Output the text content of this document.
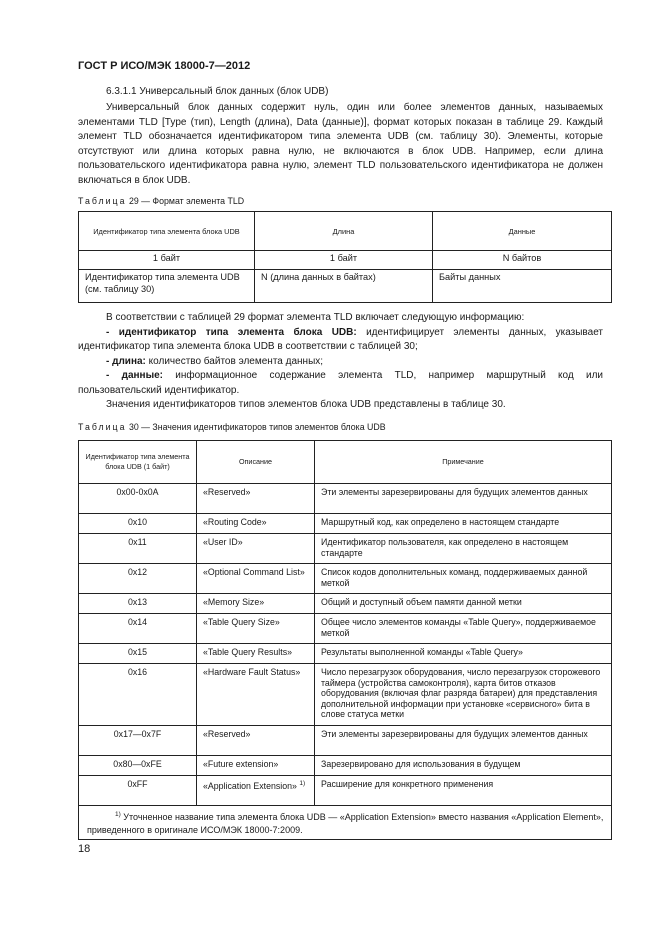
ГОСТ Р ИСО/МЭК 18000-7—2012
6.3.1.1 Универсальный блок данных (блок UDB)

Универсальный блок данных содержит нуль, один или более элементов данных, называемых элементами TLD [Type (тип), Length (длина), Data (данные)], формат которых показан в таблице 29. Каждый элемент TLD обозначается идентификатором типа элемента UDB (см. таблицу 30). Элементы, которые отсутствуют или длина которых равна нулю, не включаются в блок UDB. Например, если длина пользовательского идентификатора равна нулю, элемент TLD пользовательского идентификатора не должен включаться в блок UDB.

Таблица 29 — Формат элемента TLD
Идентификатор типа элемента блока UDB	Длина	Данные
1 байт	1 байт	N байтов
Идентификатор типа элемента UDB (см. таблицу 30)	N (длина данных в байтах)	Байты данных

В соответствии с таблицей 29 формат элемента TLD включает следующую информацию:

- идентификатор типа элемента блока UDB: идентифицирует элементы данных, указывает идентификатор типа элемента блока UDB в соответствии с таблицей 30;

- длина: количество байтов элемента данных;

- данные: информационное содержание элемента TLD, например маршрутный код или пользовательский идентификатор.

Значения идентификаторов типов элементов блока UDB представлены в таблице 30.

Таблица 30 — Значения идентификаторов типов элементов блока UDB
Идентификатор типа элемента блока UDB (1 байт)	Описание	Примечание
0x00-0x0A	«Reserved»	Эти элементы зарезервированы для будущих элементов данных
0x10	«Routing Code»	Маршрутный код, как определено в настоящем стандарте
0x11	«User ID»	Идентификатор пользователя, как определено в настоящем стандарте
0x12	«Optional Command List»	Список кодов дополнительных команд, поддерживаемых данной меткой
0x13	«Memory Size»	Общий и доступный объем памяти данной метки
0x14	«Table Query Size»	Общее число элементов команды «Table Query», поддерживаемое меткой
0x15	«Table Query Results»	Результаты выполненной команды «Table Query»
0x16	«Hardware Fault Status»	Число перезагрузок оборудования, число перезагрузок сторожевого таймера (устройства самоконтроля), карта битов отказов оборудования (включая флаг разряда батареи) для представления дополнительной информации при установке «сервисного» бита в слове статуса метки
0x17—0x7F	«Reserved»	Эти элементы зарезервированы для будущих элементов данных
0x80—0xFE	«Future extension»	Зарезервировано для использования в будущем
0xFF	«Application Extension» $^{1)}$	Расширение для конкретного применения
$^{1)}$ Уточненное название типа элемента блока UDB — «Application Extension» вместо названия «Application Element», приведенного в оригинале ИСО/МЭК 18000-7:2009.		
18
